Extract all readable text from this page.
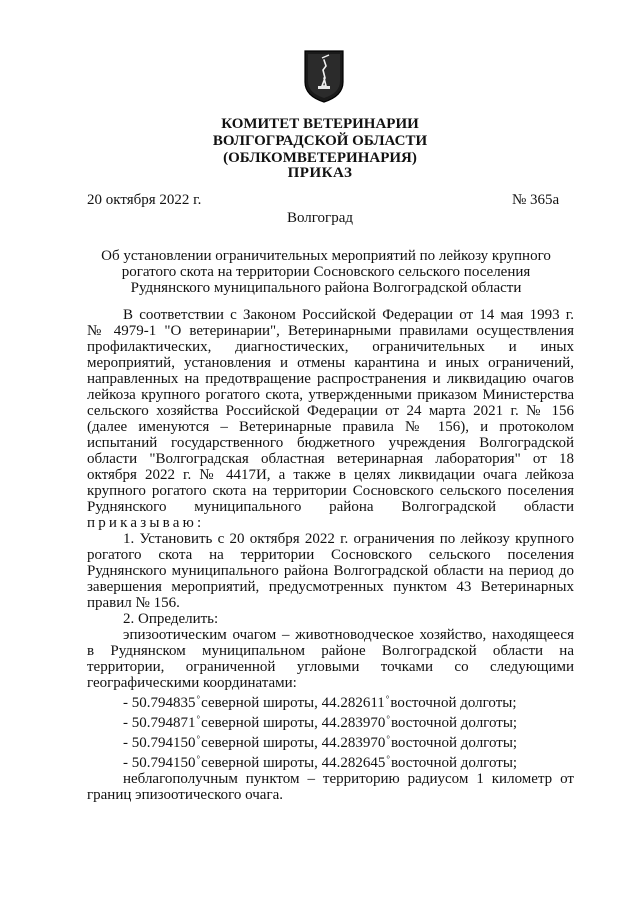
КОМИТЕТ ВЕТЕРИНАРИИ
ВОЛГОГРАДСКОЙ ОБЛАСТИ
(ОБЛКОМВЕТЕРИНАРИЯ)
ПРИКАЗ
20 октября 2022 г.	№ 365а
Волгоград
Об установлении ограничительных мероприятий по лейкозу крупного
рогатого скота на территории Сосновского сельского поселения
Руднянского муниципального района Волгоградской области

В соответствии с Законом Российской Федерации от 14 мая 1993 г.

№ 4979-1 "О ветеринарии", Ветеринарными правилами осуществления

профилактических, диагностических, ограничительных и иных

мероприятий, установления и отмены карантина и иных ограничений,

направленных на предотвращение распространения и ликвидацию очагов

лейкоза крупного рогатого скота, утвержденными приказом Министерства

сельского хозяйства Российской Федерации от 24 марта 2021 г. № 156

(далее именуются – Ветеринарные правила № 156), и протоколом

испытаний государственного бюджетного учреждения Волгоградской

области "Волгоградская областная ветеринарная лаборатория" от 18

октября 2022 г. № 4417И, а также в целях ликвидации очага лейкоза

крупного рогатого скота на территории Сосновского сельского поселения

Руднянского муниципального района Волгоградской области

приказываю:

1. Установить с 20 октября 2022 г. ограничения по лейкозу крупного

рогатого скота на территории Сосновского сельского поселения

Руднянского муниципального района Волгоградской области на период до

завершения мероприятий, предусмотренных пунктом 43 Ветеринарных

правил № 156.

2. Определить:

эпизоотическим очагом – животноводческое хозяйство, находящееся

в Руднянском муниципальном районе Волгоградской области на

территории, ограниченной угловыми точками со следующими

географическими координатами:

- 50.794835°северной широты, 44.282611°восточной долготы;

- 50.794871°северной широты, 44.283970°восточной долготы;

- 50.794150°северной широты, 44.283970°восточной долготы;

- 50.794150°северной широты, 44.282645°восточной долготы;

неблагополучным пунктом – территорию радиусом 1 километр от

границ эпизоотического очага.
